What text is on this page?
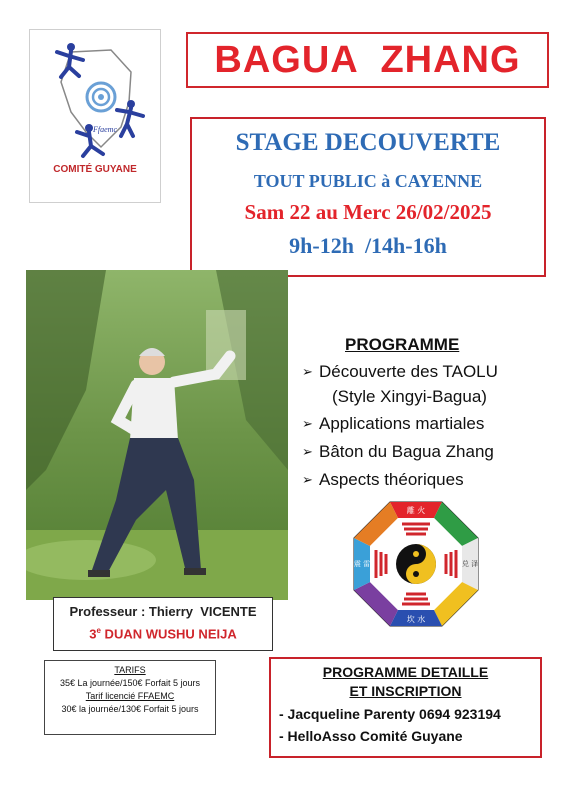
Ffaemc
COMITÉ GUYANE
BAGUA  ZHANG
STAGE DECOUVERTE
TOUT PUBLIC à CAYENNE
Sam 22 au Merc 26/02/2025
9h-12h  /14h-16h
Professeur : Thierry  VICENTE
3e DUAN WUSHU NEIJA
PROGRAMME
➢ Découverte des TAOLU
(Style Xingyi-Bagua)
➢ Applications martiales
➢ Bâton du Bagua Zhang
➢ Aspects théoriques
離 火
坎 水
兑 泽
震 雷
TARIFS
35€ La journée/150€ Forfait 5 jours
Tarif licencié FFAEMC
30€ la journée/130€ Forfait 5 jours
PROGRAMME DETAILLE
ET INSCRIPTION
- Jacqueline Parenty 0694 923194
- HelloAsso Comité Guyane
